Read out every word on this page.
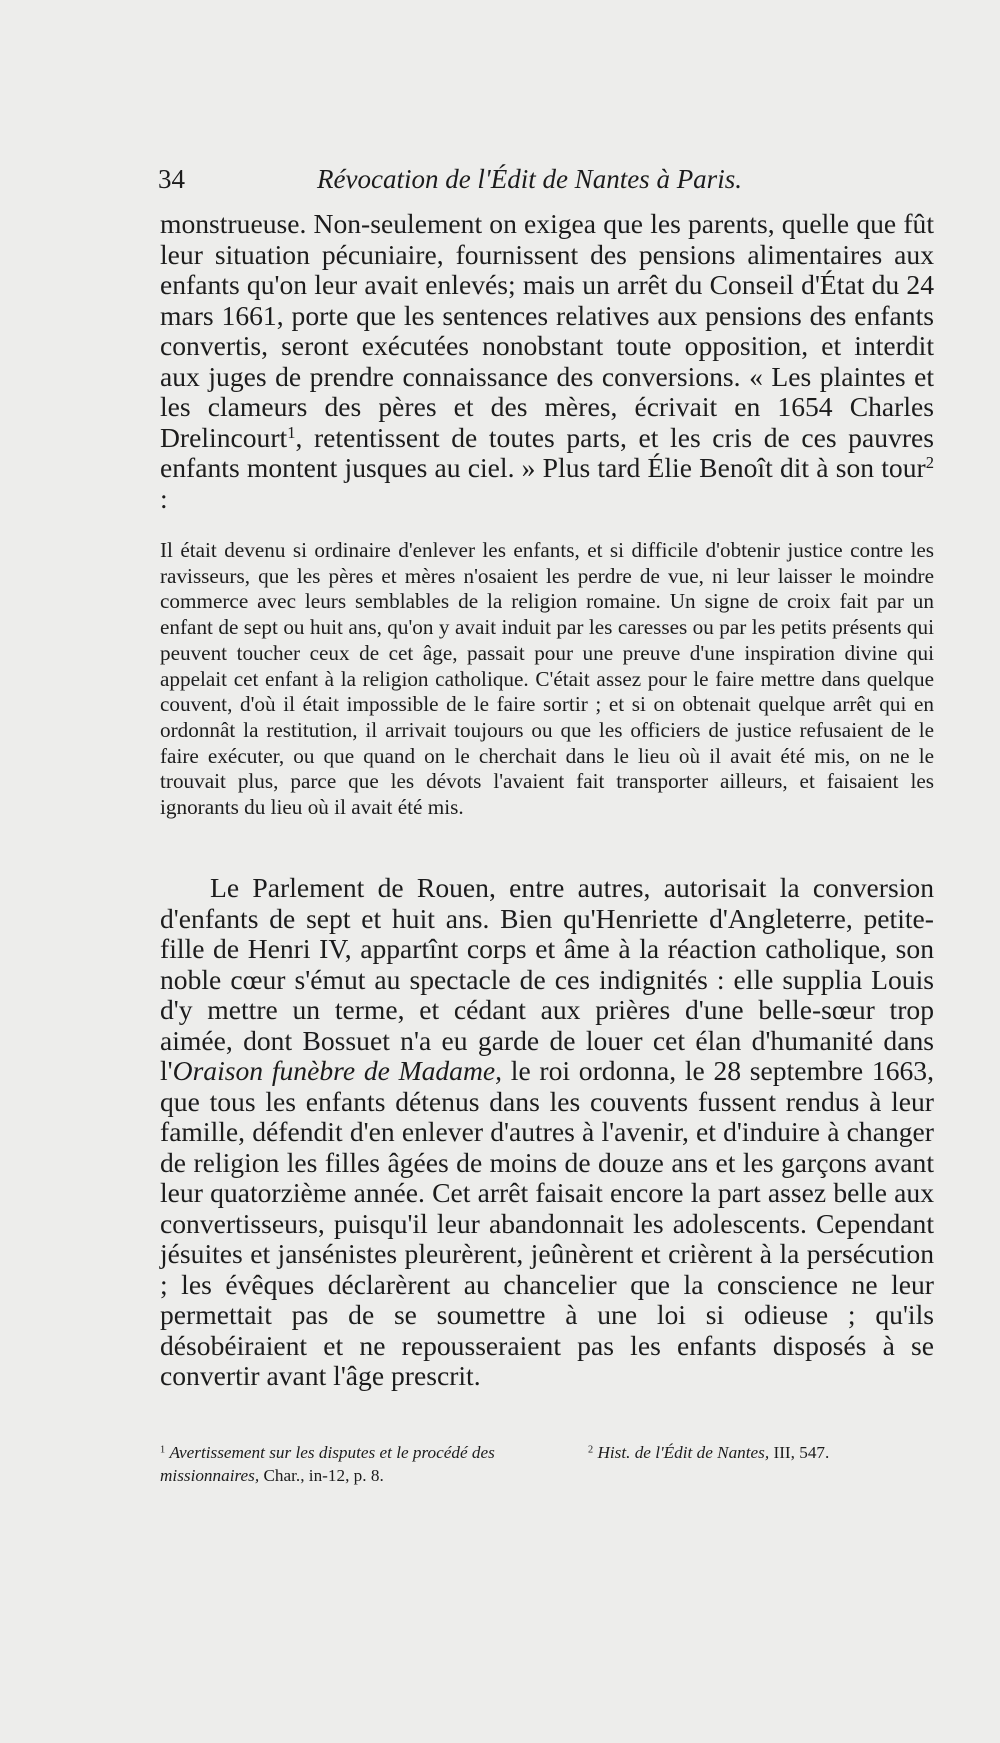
34	Révocation de l'Édit de Nantes à Paris.

monstrueuse. Non-seulement on exigea que les parents, quelle que fût leur situation pécuniaire, fournissent des pensions alimentaires aux enfants qu'on leur avait enlevés; mais un arrêt du Conseil d'État du 24 mars 1661, porte que les sentences relatives aux pensions des enfants convertis, seront exécutées nonobstant toute opposition, et interdit aux juges de prendre connaissance des conversions. « Les plaintes et les clameurs des pères et des mères, écrivait en 1654 Charles Drelincourt$^1$, retentissent de toutes parts, et les cris de ces pauvres enfants montent jusques au ciel. » Plus tard Élie Benoît dit à son tour$^2$ :

Il était devenu si ordinaire d'enlever les enfants, et si difficile d'obtenir justice contre les ravisseurs, que les pères et mères n'osaient les perdre de vue, ni leur laisser le moindre commerce avec leurs semblables de la religion romaine. Un signe de croix fait par un enfant de sept ou huit ans, qu'on y avait induit par les caresses ou par les petits présents qui peuvent toucher ceux de cet âge, passait pour une preuve d'une inspiration divine qui appelait cet enfant à la religion catholique. C'était assez pour le faire mettre dans quelque couvent, d'où il était impossible de le faire sortir ; et si on obtenait quelque arrêt qui en ordonnât la restitution, il arrivait toujours ou que les officiers de justice refusaient de le faire exécuter, ou que quand on le cherchait dans le lieu où il avait été mis, on ne le trouvait plus, parce que les dévots l'avaient fait transporter ailleurs, et faisaient les ignorants du lieu où il avait été mis.

Le Parlement de Rouen, entre autres, autorisait la conversion d'enfants de sept et huit ans. Bien qu'Henriette d'Angleterre, petite-fille de Henri IV, appartînt corps et âme à la réaction catholique, son noble cœur s'émut au spectacle de ces indignités : elle supplia Louis d'y mettre un terme, et cédant aux prières d'une belle-sœur trop aimée, dont Bossuet n'a eu garde de louer cet élan d'humanité dans l'Oraison funèbre de Madame, le roi ordonna, le 28 septembre 1663, que tous les enfants détenus dans les couvents fussent rendus à leur famille, défendit d'en enlever d'autres à l'avenir, et d'induire à changer de religion les filles âgées de moins de douze ans et les garçons avant leur quatorzième année. Cet arrêt faisait encore la part assez belle aux convertisseurs, puisqu'il leur abandonnait les adolescents. Cependant jésuites et jansénistes pleurèrent, jeûnèrent et crièrent à la persécution ; les évêques déclarèrent au chancelier que la conscience ne leur permettait pas de se soumettre à une loi si odieuse ; qu'ils désobéiraient et ne repousseraient pas les enfants disposés à se convertir avant l'âge prescrit.

$^1$ Avertissement sur les disputes et le procédé des missionnaires, Char., in-12, p. 8.
$^2$ Hist. de l'Édit de Nantes, III, 547.
